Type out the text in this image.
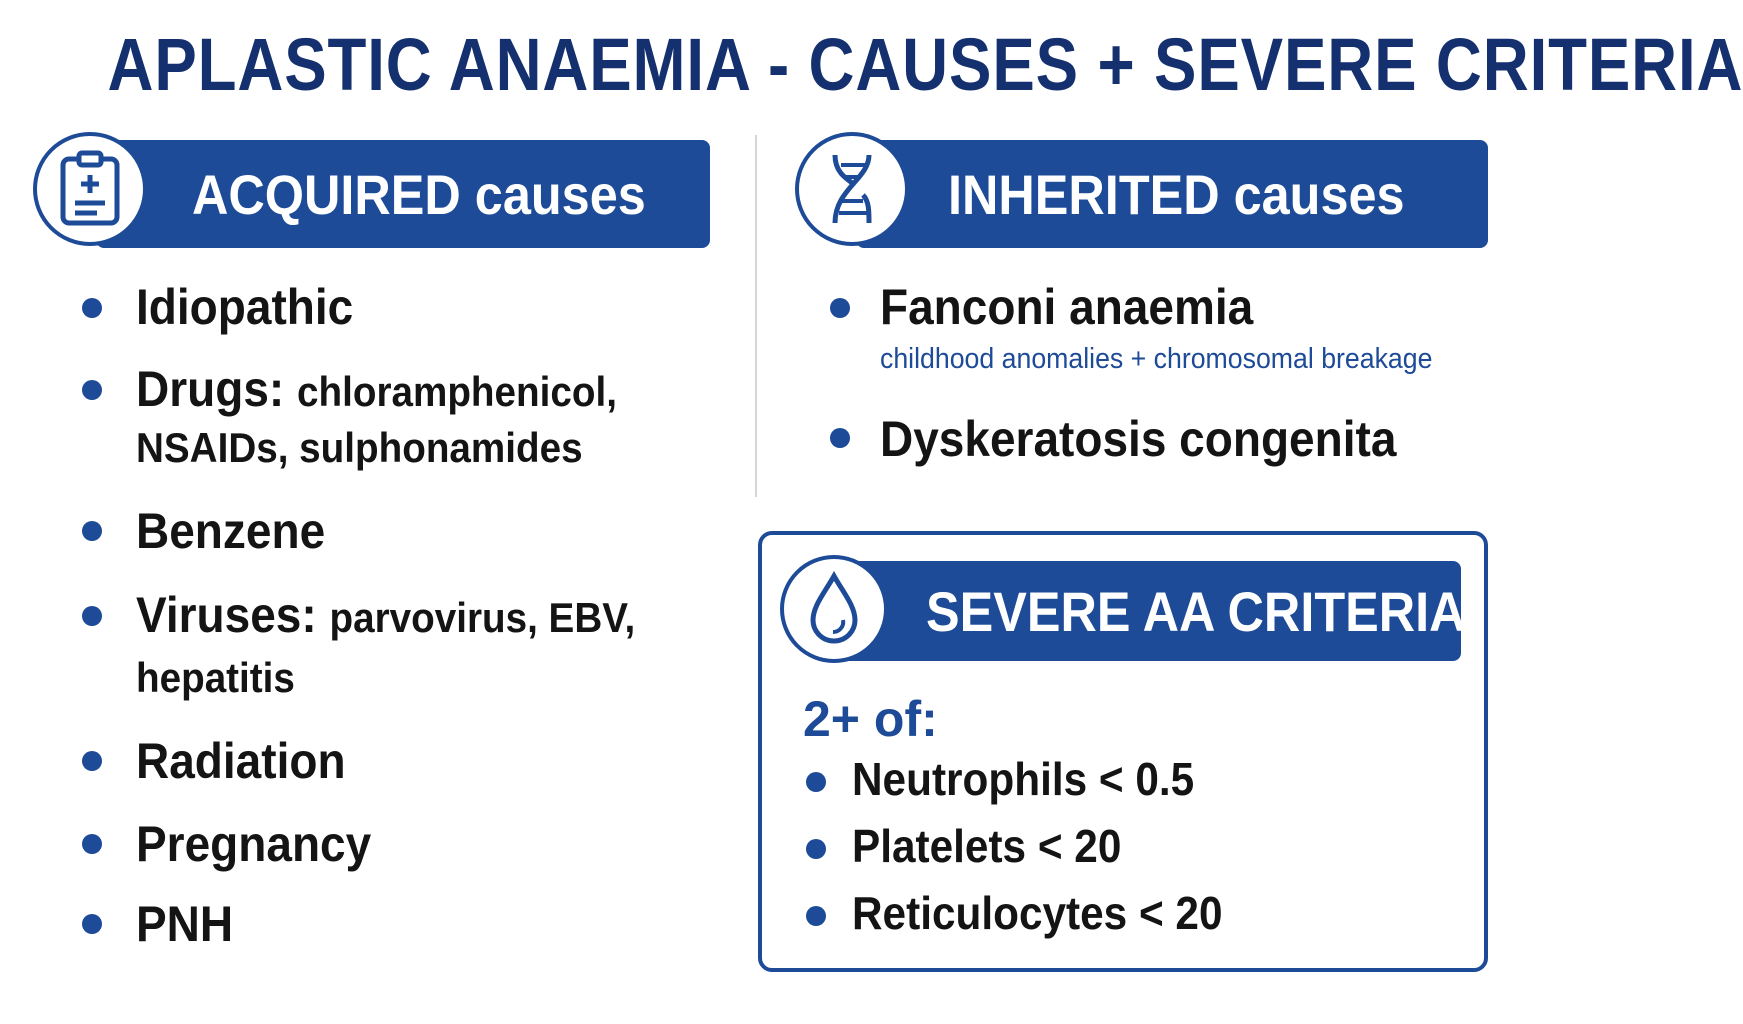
APLASTIC ANAEMIA - CAUSES + SEVERE CRITERIA
ACQUIRED causes
Idiopathic
Drugs: chloramphenicol,
NSAIDs, sulphonamides
Benzene
Viruses: parvovirus, EBV,
hepatitis
Radiation
Pregnancy
PNH
INHERITED causes
Fanconi anaemia
childhood anomalies + chromosomal breakage
Dyskeratosis congenita
SEVERE AA CRITERIA
2+ of:
Neutrophils < 0.5
Platelets < 20
Reticulocytes < 20
